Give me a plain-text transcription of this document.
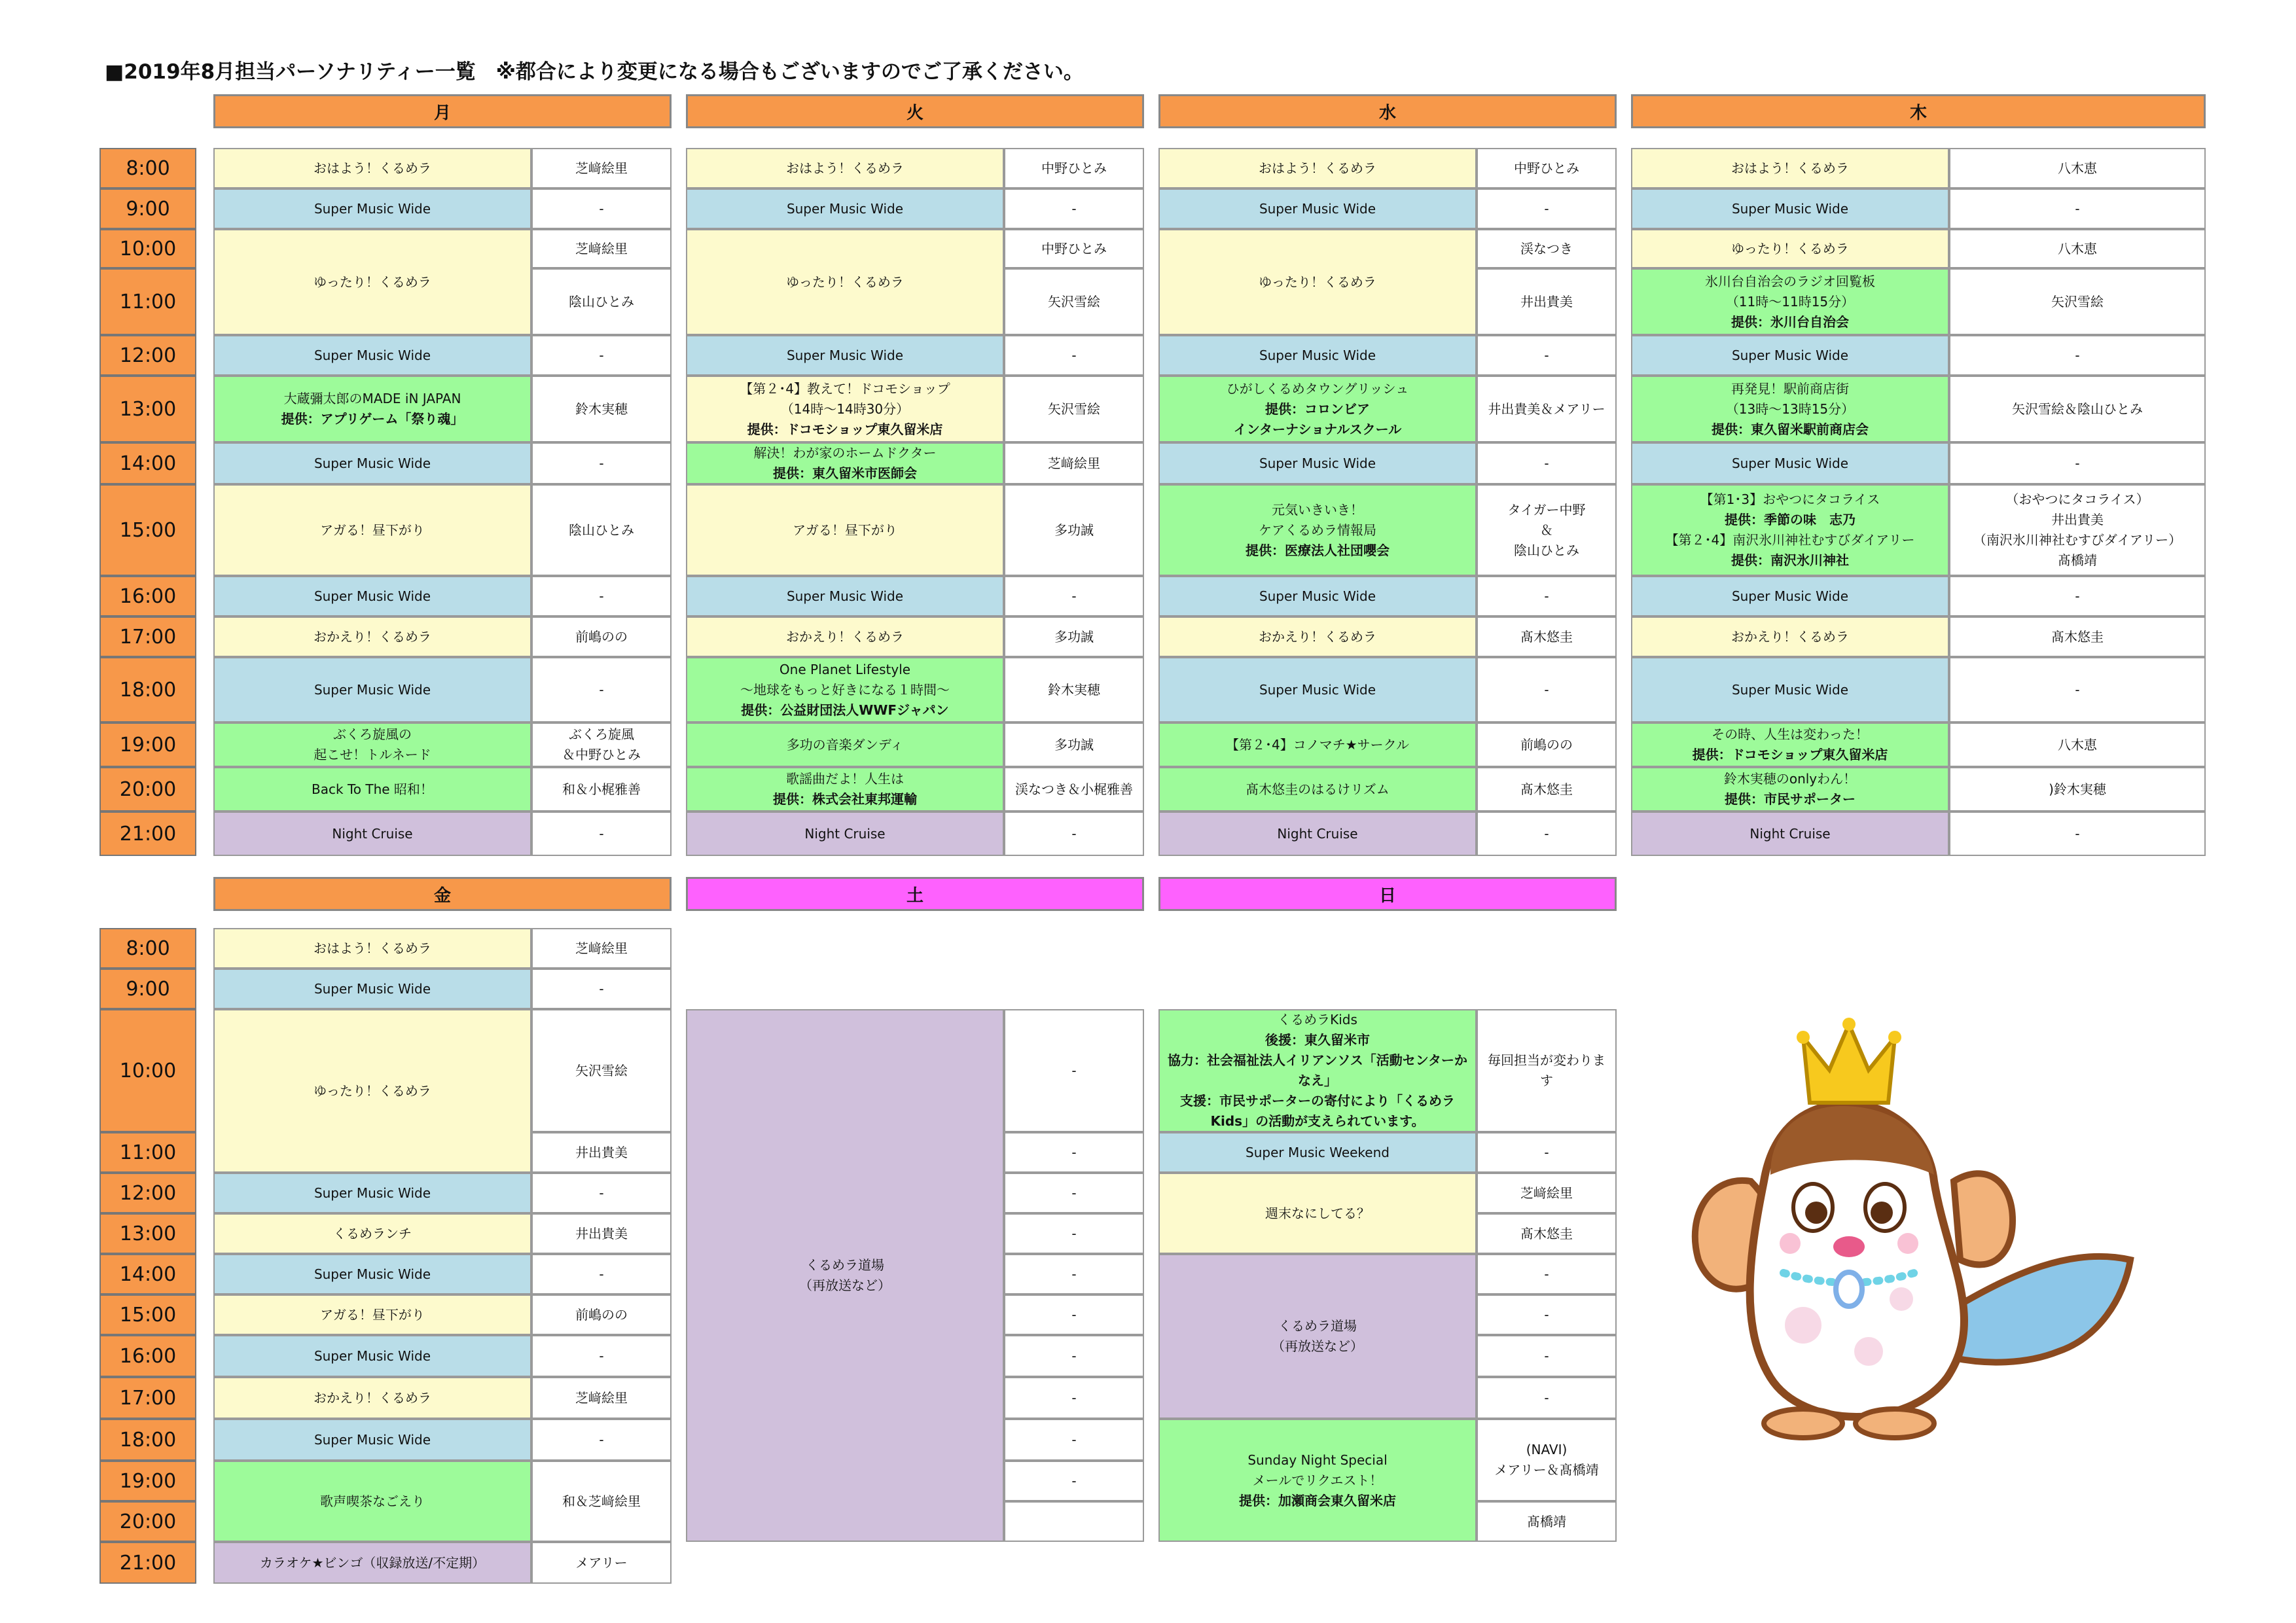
■2019年8月担当パーソナリティー一覧　※都合により変更になる場合もございますのでご了承ください。
8:00
9:00
10:00
11:00
12:00
13:00
14:00
15:00
16:00
17:00
18:00
19:00
20:00
21:00
月
おはよう！くるめラ
Super Music Wide
ゆったり！くるめラ
Super Music Wide
大蔵彌太郎のMADE iN JAPAN
提供：アプリゲーム「祭り魂」
Super Music Wide
アガる！昼下がり
Super Music Wide
おかえり！くるめラ
Super Music Wide
ぶくろ旋風の
起こせ！トルネード
Back To The 昭和！
Night Cruise
芝﨑絵里
-
芝﨑絵里
陰山ひとみ
-
鈴木実穂
-
陰山ひとみ
-
前嶋のの
-
ぶくろ旋風
＆中野ひとみ
和＆小梶雅善
-
火
おはよう！くるめラ
Super Music Wide
ゆったり！くるめラ
Super Music Wide
【第２･4】教えて！ドコモショップ
（14時～14時30分）
提供：ドコモショップ東久留米店
解決！わが家のホームドクター
提供：東久留米市医師会
アガる！昼下がり
Super Music Wide
おかえり！くるめラ
One Planet Lifestyle
～地球をもっと好きになる１時間～
提供：公益財団法人WWFジャパン
多功の音楽ダンディ
歌謡曲だよ！人生は
提供：株式会社東邦運輸
Night Cruise
中野ひとみ
-
中野ひとみ
矢沢雪絵
-
矢沢雪絵
芝﨑絵里
多功誠
-
多功誠
鈴木実穂
多功誠
渓なつき＆小梶雅善
-
水
おはよう！くるめラ
Super Music Wide
ゆったり！くるめラ
Super Music Wide
ひがしくるめタウングリッシュ
提供：コロンビア
インターナショナルスクール
Super Music Wide
元気いきいき！
ケアくるめラ情報局
提供：医療法人社団嚶会
Super Music Wide
おかえり！くるめラ
Super Music Wide
【第２･4】コノマチ★サークル
髙木悠圭のはるけリズム
Night Cruise
中野ひとみ
-
渓なつき
井出貴美
-
井出貴美＆メアリー
-
タイガー中野
＆
陰山ひとみ
-
髙木悠圭
-
前嶋のの
髙木悠圭
-
木
おはよう！くるめラ
Super Music Wide
ゆったり！くるめラ
氷川台自治会のラジオ回覧板
（11時～11時15分）
提供：氷川台自治会
Super Music Wide
再発見！駅前商店街
（13時～13時15分）
提供：東久留米駅前商店会
Super Music Wide
【第1･3】おやつにタコライス
提供：季節の味　志乃
【第２･4】南沢氷川神社むすびダイアリー
提供：南沢氷川神社
Super Music Wide
おかえり！くるめラ
Super Music Wide
その時、人生は変わった！
提供：ドコモショップ東久留米店
鈴木実穂のonlyわん！
提供：市民サポーター
Night Cruise
八木恵
-
八木恵
矢沢雪絵
-
矢沢雪絵＆陰山ひとみ
-
（おやつにタコライス）
井出貴美
（南沢氷川神社むすびダイアリー）
髙橋靖
-
髙木悠圭
-
八木恵
)鈴木実穂
-
8:00
9:00
10:00
11:00
12:00
13:00
14:00
15:00
16:00
17:00
18:00
19:00
20:00
21:00
金
おはよう！くるめラ
Super Music Wide
ゆったり！くるめラ
Super Music Wide
くるめランチ
Super Music Wide
アガる！昼下がり
Super Music Wide
おかえり！くるめラ
Super Music Wide
歌声喫茶なごえり
カラオケ★ビンゴ（収録放送/不定期）
芝﨑絵里
-
矢沢雪絵
井出貴美
-
井出貴美
-
前嶋のの
-
芝﨑絵里
-
和＆芝﨑絵里
メアリー
土
くるめラ道場
（再放送など）
-
-
-
-
-
-
-
-
-
-
日
くるめラKids
後援：東久留米市
協力：社会福祉法人イリアンソス「活動センターかなえ」
支援：市民サポーターの寄付により「くるめラKids」の活動が支えられています。
Super Music Weekend
週末なにしてる？
くるめラ道場
（再放送など）
Sunday Night Special
メールでリクエスト！
提供：加瀬商会東久留米店
毎回担当が変わります
-
芝﨑絵里
髙木悠圭
-
-
-
-
(NAVI)
メアリー＆髙橋靖
髙橋靖
